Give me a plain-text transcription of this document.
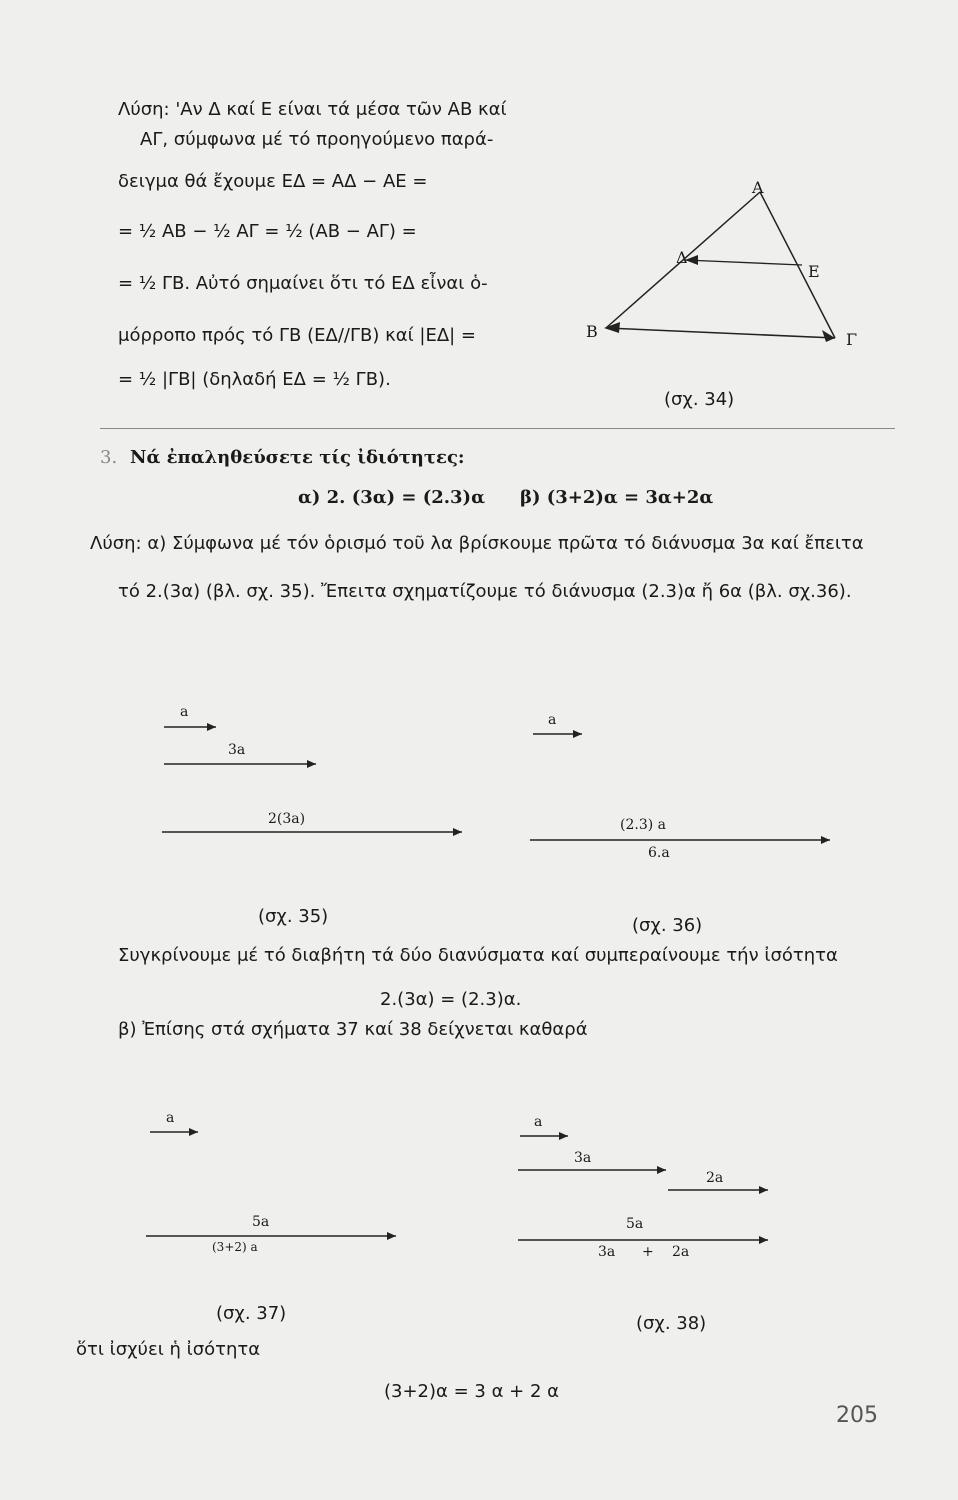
Λύση: 'Αν Δ καί Ε είναι τά μέσα τῶν ΑΒ καί
ΑΓ, σύμφωνα μέ τό προηγούμενο παρά-
δειγμα θά ἔχουμε ΕΔ = ΑΔ − ΑΕ =
= ½ ΑΒ − ½ ΑΓ = ½ (ΑΒ − ΑΓ) =
= ½ ΓΒ. Αὐτό σημαίνει ὅτι τό ΕΔ εἶναι ὁ-
μόρροπο πρός τό ΓΒ (ΕΔ//ΓΒ) καί |ΕΔ| =
= ½ |ΓΒ| (δηλαδή ΕΔ = ½ ΓΒ).
Α
Δ
Ε
Β	Γ
(σχ. 34)
3. Νά ἐπαληθεύσετε τίς ἰδιότητες:
α) 2. (3α) = (2.3)α β) (3+2)α = 3α+2α
Λύση: α) Σύμφωνα μέ τόν ὁρισμό τοῦ λα βρίσκουμε πρῶτα τό διάνυσμα 3α καί ἔπειτα
τό 2.(3α) (βλ. σχ. 35). Ἔπειτα σχηματίζουμε τό διάνυσμα (2.3)α ἤ 6α (βλ. σχ.36).
a
3a
2(3a)
(σχ. 35)
a
(2.3) a
6.a
(σχ. 36)
Συγκρίνουμε μέ τό διαβήτη τά δύο διανύσματα καί συμπεραίνουμε τήν ἰσότητα
2.(3α) = (2.3)α.
β) Ἐπίσης στά σχήματα 37 καί 38 δείχνεται καθαρά
a
5a
(3+2) a
(σχ. 37)
a
3a
2a
5a
3a + 2a
(σχ. 38)
ὅτι ἰσχύει ἡ ἰσότητα
(3+2)α = 3 α + 2 α
205
